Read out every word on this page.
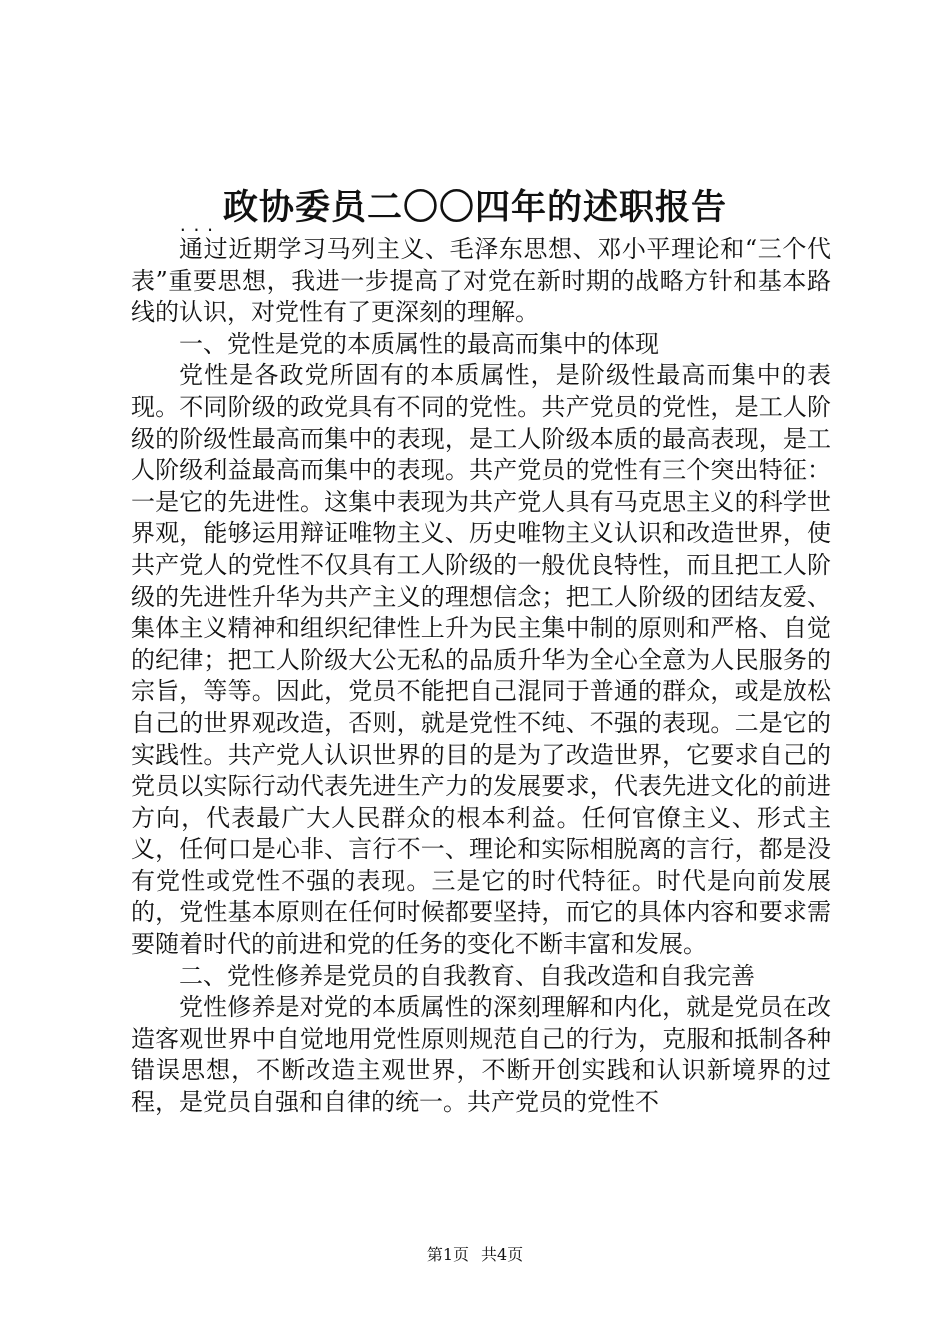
政协委员二〇〇四年的述职报告
...

通过近期学习马列主义、毛泽东思想、邓小平理论和“三个代表”重要思想，我进一步提高了对党在新时期的战略方针和基本路线的认识，对党性有了更深刻的理解。

一、党性是党的本质属性的最高而集中的体现

党性是各政党所固有的本质属性，是阶级性最高而集中的表现。不同阶级的政党具有不同的党性。共产党员的党性，是工人阶级的阶级性最高而集中的表现，是工人阶级本质的最高表现，是工人阶级利益最高而集中的表现。共产党员的党性有三个突出特征：一是它的先进性。这集中表现为共产党人具有马克思主义的科学世界观，能够运用辩证唯物主义、历史唯物主义认识和改造世界，使共产党人的党性不仅具有工人阶级的一般优良特性，而且把工人阶级的先进性升华为共产主义的理想信念；把工人阶级的团结友爱、集体主义精神和组织纪律性上升为民主集中制的原则和严格、自觉的纪律；把工人阶级大公无私的品质升华为全心全意为人民服务的宗旨，等等。因此，党员不能把自己混同于普通的群众，或是放松自己的世界观改造，否则，就是党性不纯、不强的表现。二是它的实践性。共产党人认识世界的目的是为了改造世界，它要求自己的党员以实际行动代表先进生产力的发展要求，代表先进文化的前进方向，代表最广大人民群众的根本利益。任何官僚主义、形式主义，任何口是心非、言行不一、理论和实际相脱离的言行，都是没有党性或党性不强的表现。三是它的时代特征。时代是向前发展的，党性基本原则在任何时候都要坚持，而它的具体内容和要求需要随着时代的前进和党的任务的变化不断丰富和发展。

二、党性修养是党员的自我教育、自我改造和自我完善

党性修养是对党的本质属性的深刻理解和内化，就是党员在改造客观世界中自觉地用党性原则规范自己的行为，克服和抵制各种错误思想，不断改造主观世界，不断开创实践和认识新境界的过程，是党员自强和自律的统一。共产党员的党性不

第1页 共4页
